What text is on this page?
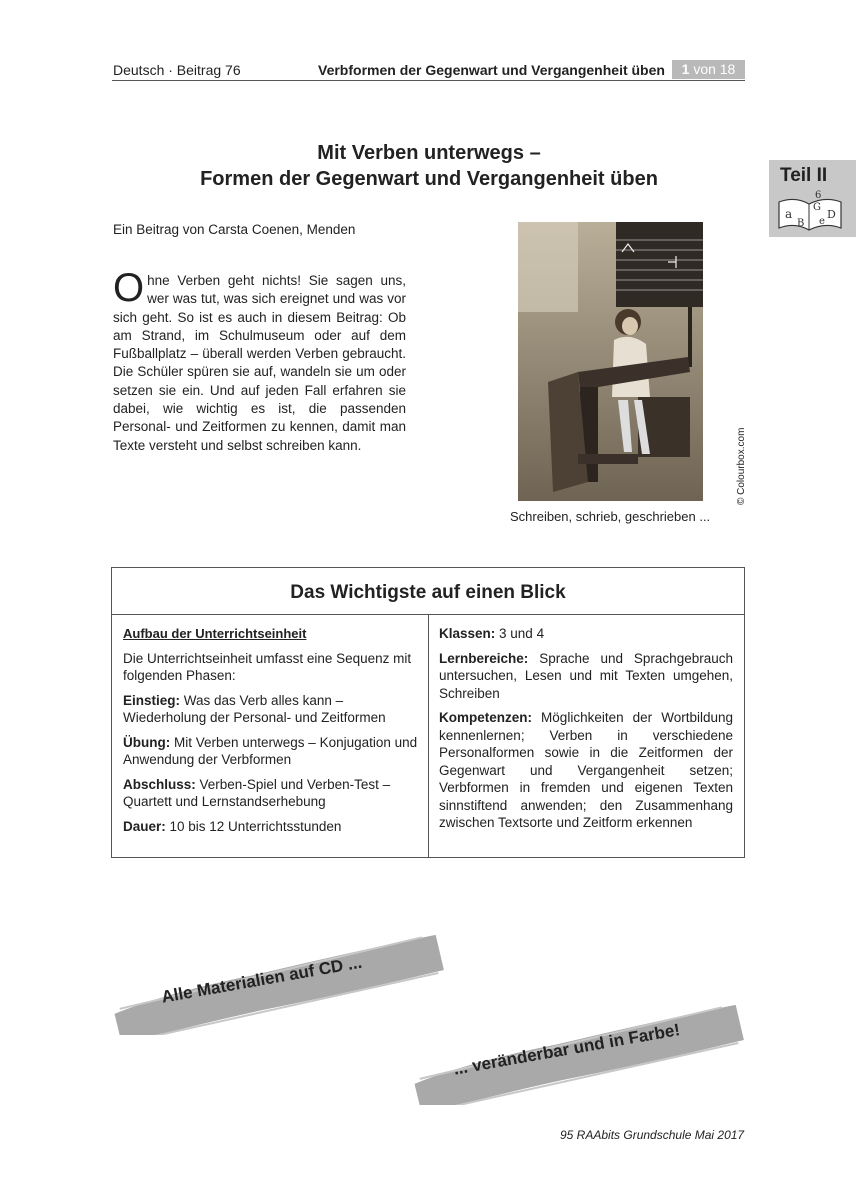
Deutsch · Beitrag 76	Verbformen der Gegenwart und Vergangenheit üben	1 von 18
Teil II
a
B
G
e
D
6
Mit Verben unterwegs –
Formen der Gegenwart und Vergangenheit üben
Ein Beitrag von Carsta Coenen, Menden
Ohne Verben geht nichts! Sie sagen uns, wer was tut, was sich ereignet und was vor sich geht. So ist es auch in diesem Beitrag: Ob am Strand, im Schulmuseum oder auf dem Fußballplatz – überall werden Verben gebraucht. Die Schüler spüren sie auf, wandeln sie um oder setzen sie ein. Und auf jeden Fall erfahren sie dabei, wie wichtig es ist, die passenden Personal- und Zeitformen zu kennen, damit man Texte versteht und selbst schreiben kann.
Schreiben, schrieb, geschrieben ...
© Colourbox.com
Das Wichtigste auf einen Blick

Aufbau der Unterrichtseinheit

Die Unterrichtseinheit umfasst eine Sequenz mit folgenden Phasen:

Einstieg: Was das Verb alles kann – Wiederholung der Personal- und Zeitformen

Übung: Mit Verben unterwegs – Konjugation und Anwendung der Verbformen

Abschluss: Verben-Spiel und Verben-Test – Quartett und Lernstandserhebung

Dauer: 10 bis 12 Unterrichtsstunden

Klassen: 3 und 4

Lernbereiche: Sprache und Sprachgebrauch untersuchen, Lesen und mit Texten umgehen, Schreiben

Kompetenzen: Möglichkeiten der Wortbildung kennenlernen; Verben in verschiedene Personalformen sowie in die Zeitformen der Gegenwart und Vergangenheit setzen; Verbformen in fremden und eigenen Texten sinnstiftend anwenden; den Zusammenhang zwischen Textsorte und Zeitform erkennen

Alle Materialien auf CD ...
... veränderbar und in Farbe!
95 RAAbits Grundschule Mai 2017
